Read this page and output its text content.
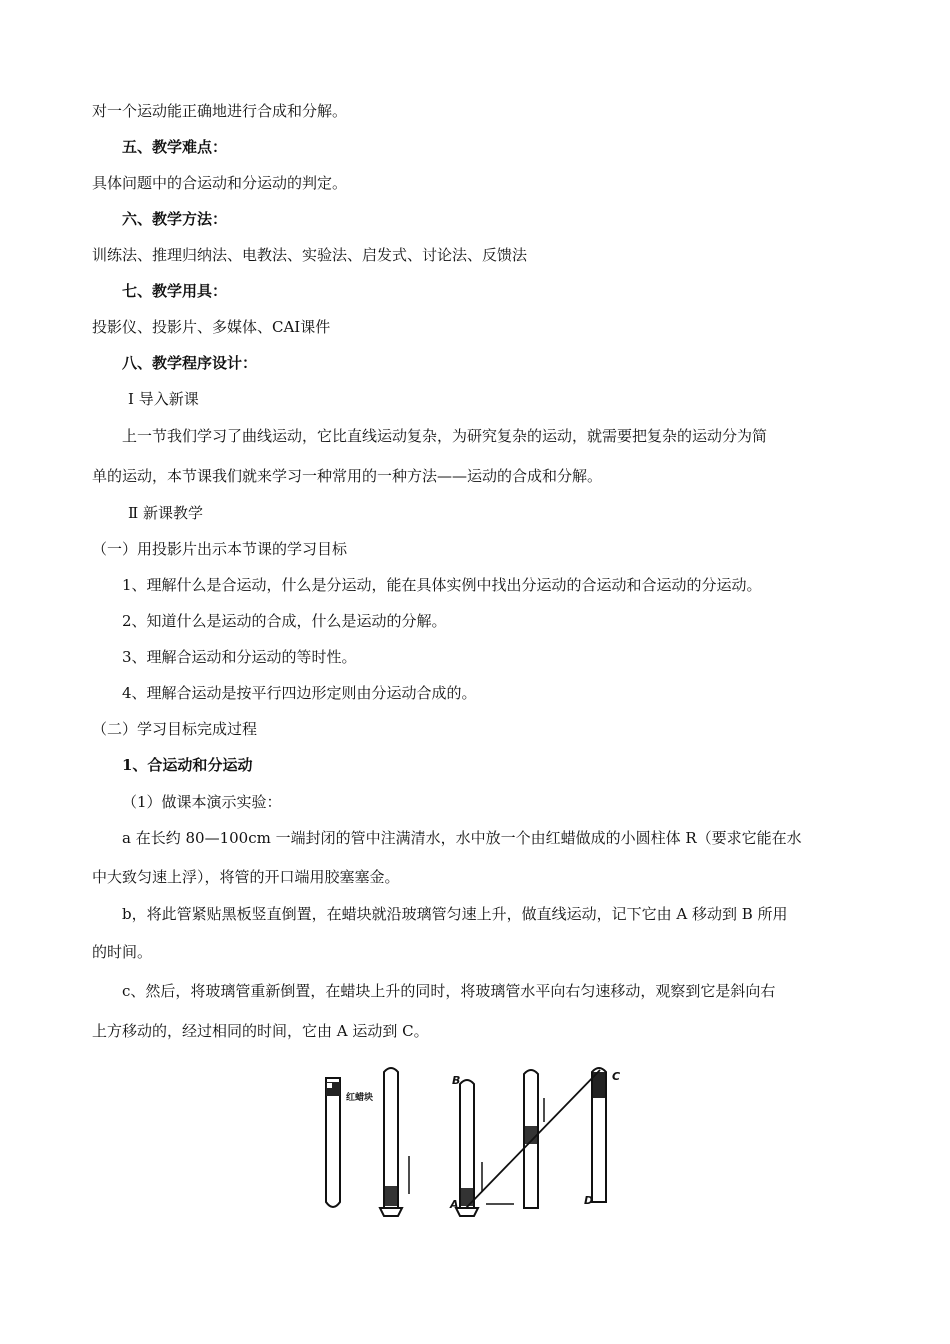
对一个运动能正确地进行合成和分解。
五、教学难点：
具体问题中的合运动和分运动的判定。
六、教学方法：
训练法、推理归纳法、电教法、实验法、启发式、讨论法、反馈法
七、教学用具：
投影仪、投影片、多媒体、CAI课件
八、教学程序设计：
Ⅰ 导入新课
上一节我们学习了曲线运动，它比直线运动复杂，为研究复杂的运动，就需要把复杂的运动分为简
单的运动，本节课我们就来学习一种常用的一种方法——运动的合成和分解。
Ⅱ 新课教学
（一）用投影片出示本节课的学习目标
1、理解什么是合运动，什么是分运动，能在具体实例中找出分运动的合运动和合运动的分运动。
2、知道什么是运动的合成，什么是运动的分解。
3、理解合运动和分运动的等时性。
4、理解合运动是按平行四边形定则由分运动合成的。
（二）学习目标完成过程
1、合运动和分运动
（1）做课本演示实验：
a 在长约 80—100cm 一端封闭的管中注满清水，水中放一个由红蜡做成的小圆柱体 R（要求它能在水
中大致匀速上浮），将管的开口端用胶塞塞金。
b，将此管紧贴黑板竖直倒置，在蜡块就沿玻璃管匀速上升，做直线运动，记下它由 A 移动到 B 所用
的时间。
c、然后，将玻璃管重新倒置，在蜡块上升的同时，将玻璃管水平向右匀速移动，观察到它是斜向右
上方移动的，经过相同的时间，它由 A 运动到 C。
红蜡块
B
A
C
D
